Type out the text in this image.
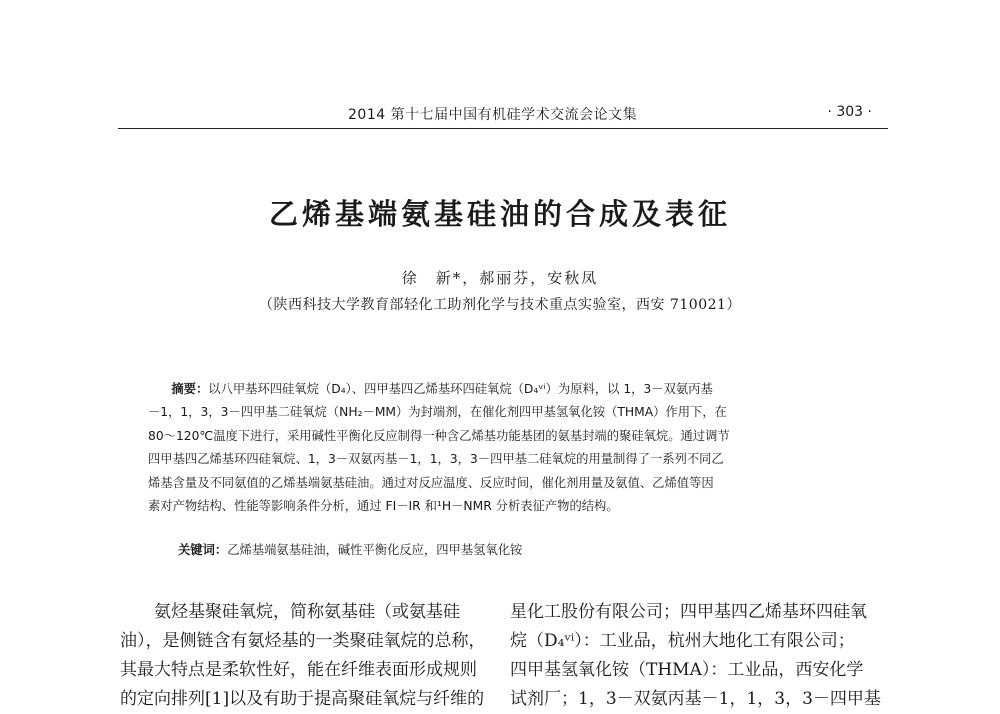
2014 第十七届中国有机硅学术交流会论文集	· 303 ·
乙烯基端氨基硅油的合成及表征
徐　新*，郝丽芬，安秋凤
（陕西科技大学教育部轻化工助剂化学与技术重点实验室，西安 710021）
摘要：以八甲基环四硅氧烷（D₄）、四甲基四乙烯基环四硅氧烷（D₄ᵛⁱ）为原料，以 1，3－双氨丙基
－1，1，3，3－四甲基二硅氧烷（NH₂－MM）为封端剂，在催化剂四甲基氢氧化铵（THMA）作用下，在
80～120℃温度下进行，采用碱性平衡化反应制得一种含乙烯基功能基团的氨基封端的聚硅氧烷。通过调节
四甲基四乙烯基环四硅氧烷、1，3－双氨丙基－1，1，3，3－四甲基二硅氧烷的用量制得了一系列不同乙
烯基含量及不同氨值的乙烯基端氨基硅油。通过对反应温度、反应时间，催化剂用量及氨值、乙烯值等因
素对产物结构、性能等影响条件分析，通过 FI－IR 和¹H－NMR 分析表征产物的结构。
关键词：乙烯基端氨基硅油，碱性平衡化反应，四甲基氢氧化铵
氨烃基聚硅氧烷，简称氨基硅（或氨基硅
油），是侧链含有氨烃基的一类聚硅氧烷的总称，
其最大特点是柔软性好，能在纤维表面形成规则
的定向排列[1]以及有助于提高聚硅氧烷与纤维的
星化工股份有限公司；四甲基四乙烯基环四硅氧
烷（D₄ᵛⁱ）：工业品，杭州大地化工有限公司；
四甲基氢氧化铵（THMA）：工业品，西安化学
试剂厂；1，3－双氨丙基－1，1，3，3－四甲基
